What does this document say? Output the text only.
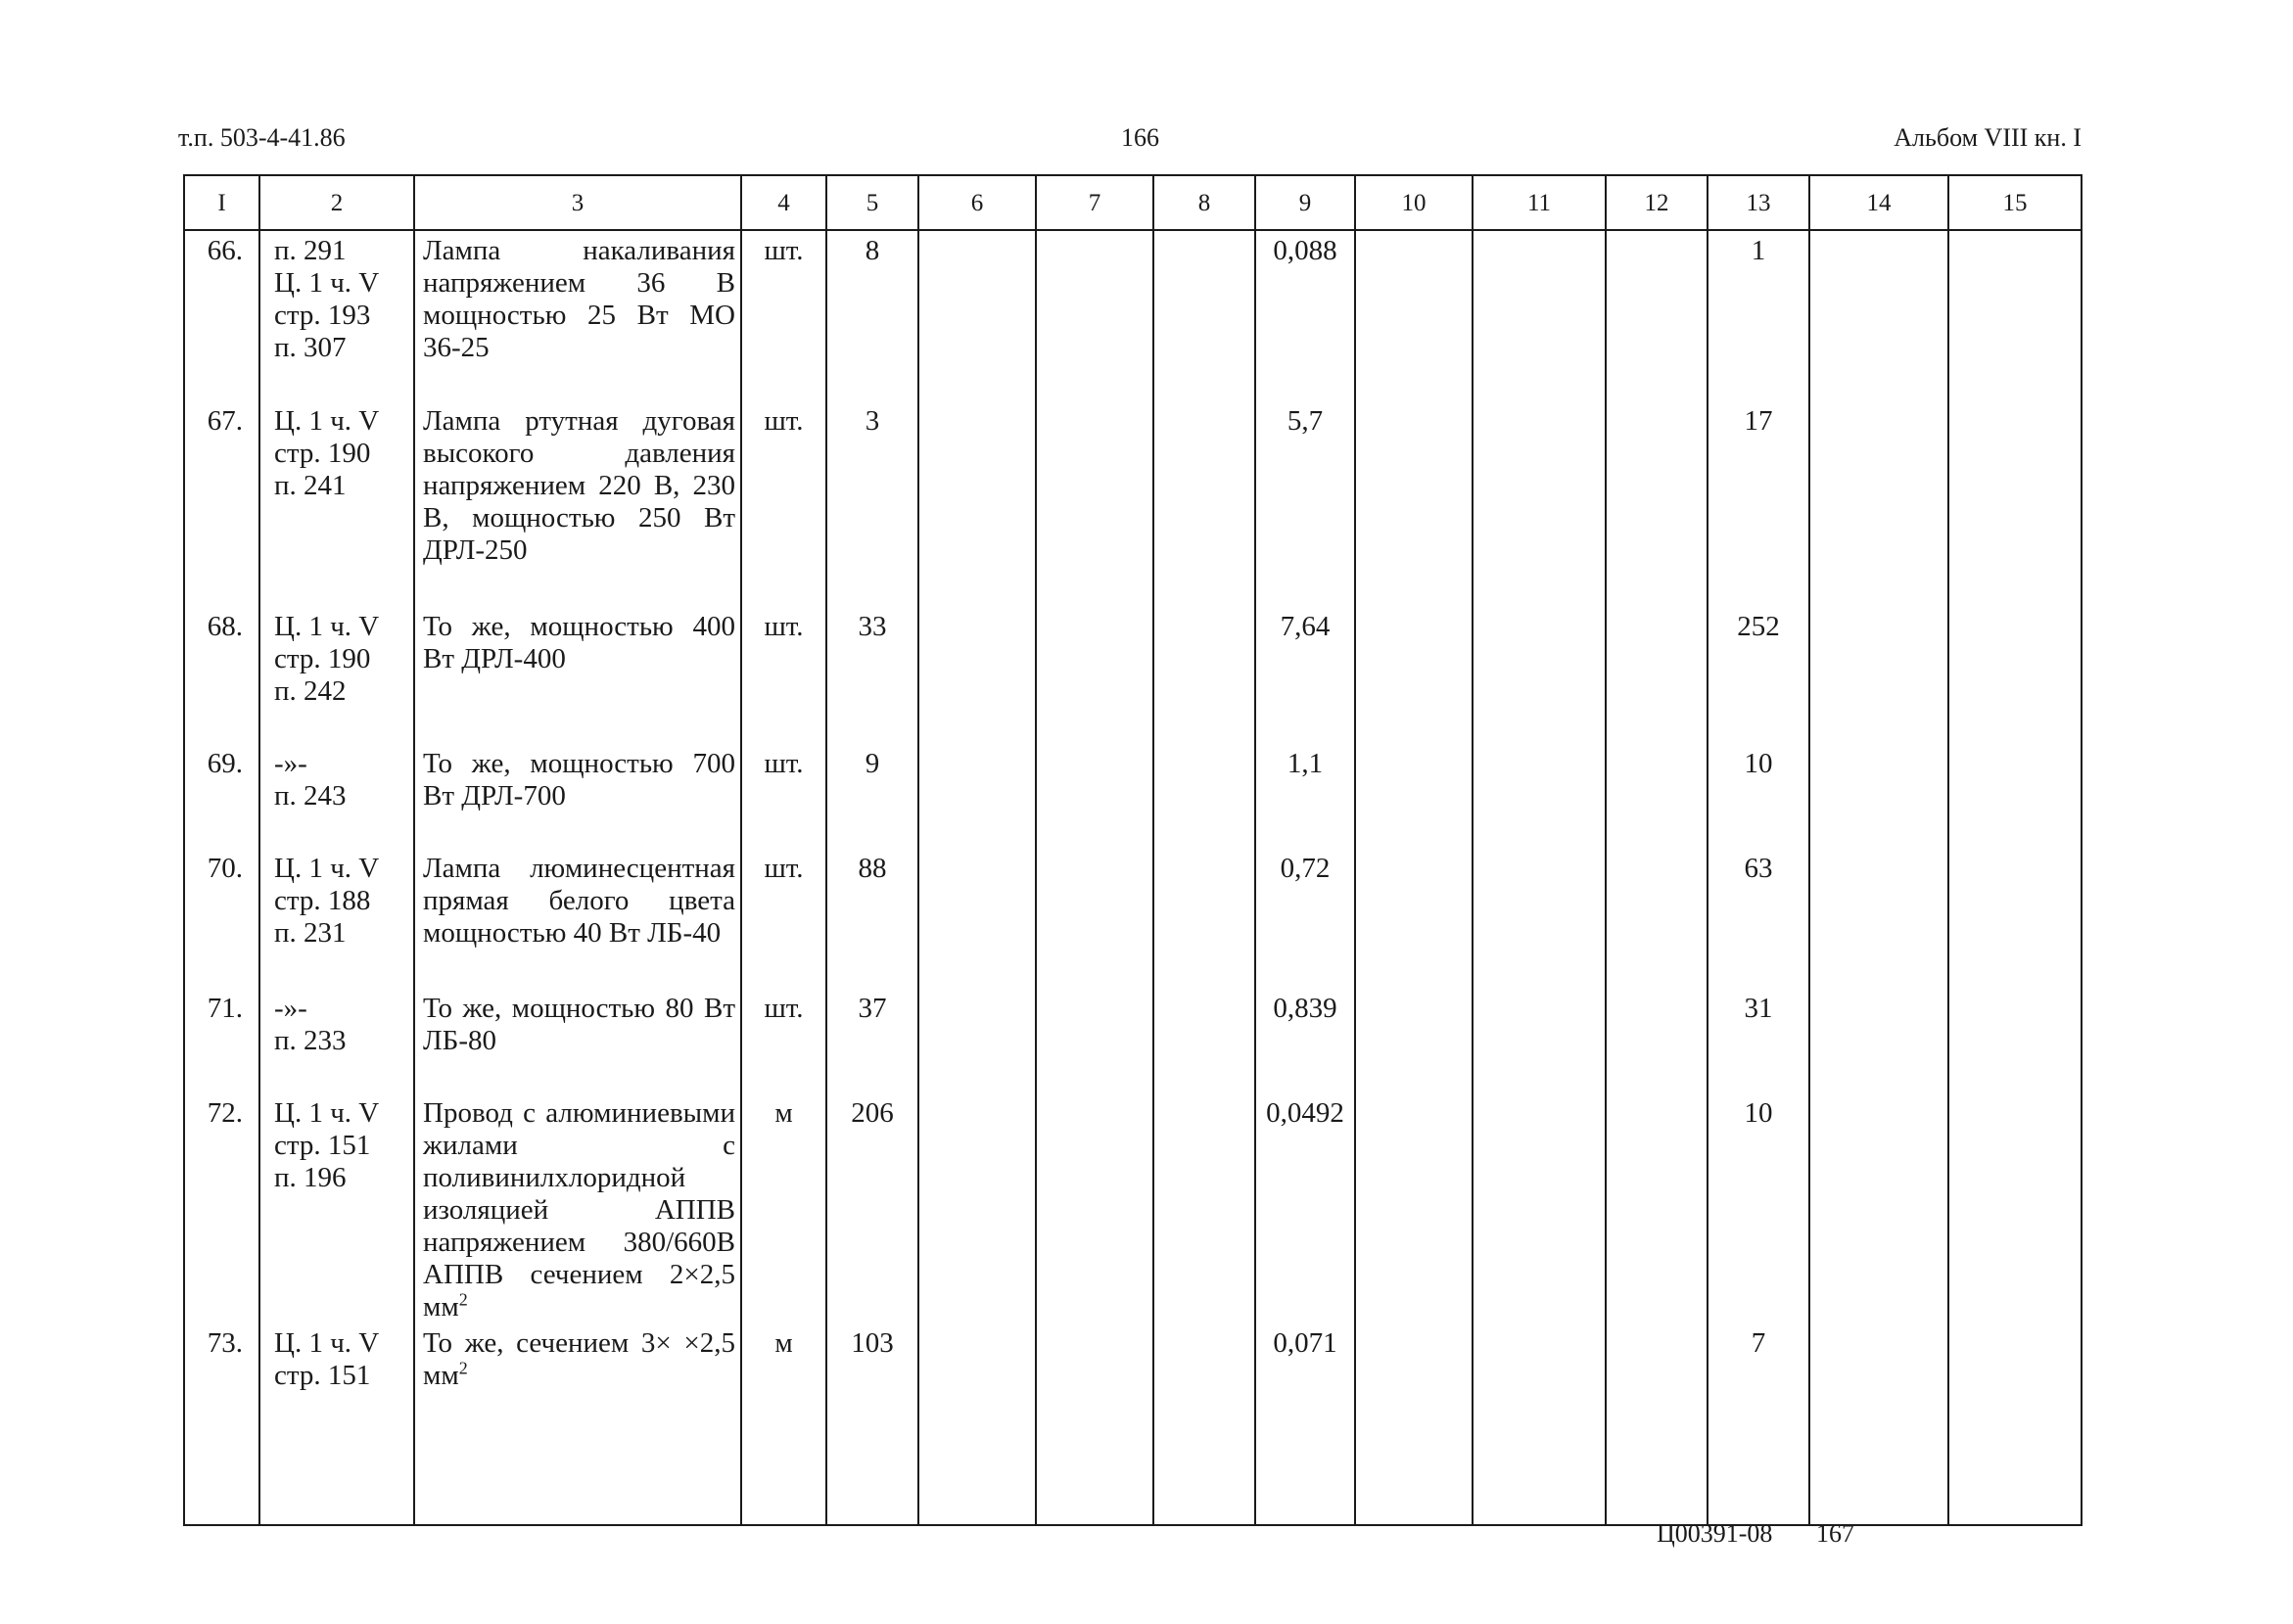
т.п. 503-4-41.86	166	Альбом VIII кн. I
I	2	3	4	5	6	7	8	9	10	11	12	13	14	15
66.	п. 291
Ц. 1 ч. V
стр. 193
п. 307	Лампа накаливания напряжением 36 В мощностью 25 Вт МО 36-25	шт.	8				0,088				1		
67.	Ц. 1 ч. V
стр. 190
п. 241	Лампа ртутная дуговая высокого давления напряжением 220 В, 230 В, мощностью 250 Вт ДРЛ-250	шт.	3				5,7				17		
68.	Ц. 1 ч. V
стр. 190
п. 242	То же, мощностью 400 Вт ДРЛ-400	шт.	33				7,64				252		
69.	-»-
п. 243	То же, мощностью 700 Вт ДРЛ-700	шт.	9				1,1				10		
70.	Ц. 1 ч. V
стр. 188
п. 231	Лампа люминесцентная прямая белого цвета мощностью 40 Вт ЛБ-40	шт.	88				0,72				63		
71.	-»-
п. 233	То же, мощностью 80 Вт ЛБ-80	шт.	37				0,839				31		
72.	Ц. 1 ч. V
стр. 151
п. 196	Провод с алюминиевыми жилами с поливинилхлоридной изоляцией АППВ напряжением 380/660В АППВ сечением 2×2,5 $мм^2$	м	206				0,0492				10		
73.	Ц. 1 ч. V
стр. 151	То же, сечением 3× ×2,5 $мм^2$	м	103				0,071				7		

Ц00391-08 167
